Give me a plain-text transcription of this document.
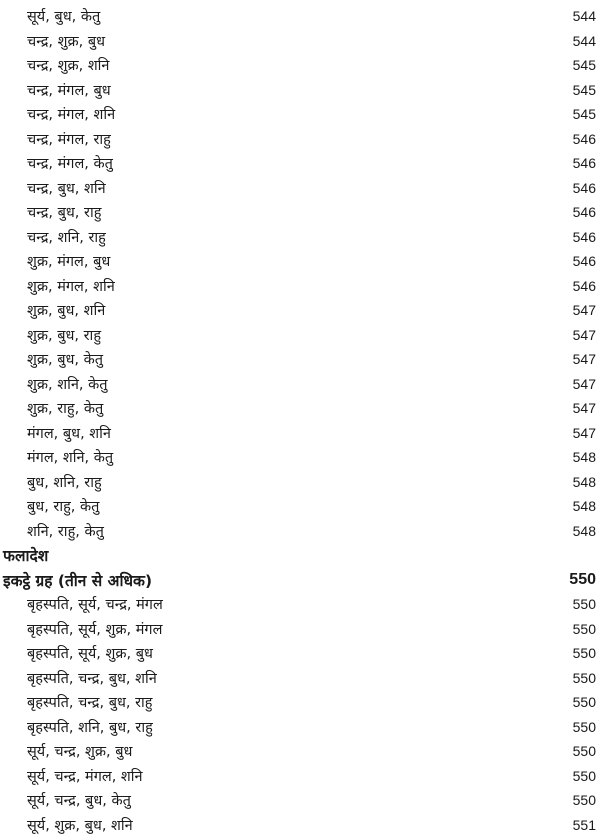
सूर्य, बुध, केतु	544
चन्द्र, शुक्र, बुध	544
चन्द्र, शुक्र, शनि	545
चन्द्र, मंगल, बुध	545
चन्द्र, मंगल, शनि	545
चन्द्र, मंगल, राहु	546
चन्द्र, मंगल, केतु	546
चन्द्र, बुध, शनि	546
चन्द्र, बुध, राहु	546
चन्द्र, शनि, राहु	546
शुक्र, मंगल, बुध	546
शुक्र, मंगल, शनि	546
शुक्र, बुध, शनि	547
शुक्र, बुध, राहु	547
शुक्र, बुध, केतु	547
शुक्र, शनि, केतु	547
शुक्र, राहु, केतु	547
मंगल, बुध, शनि	547
मंगल, शनि, केतु	548
बुध, शनि, राहु	548
बुध, राहु, केतु	548
शनि, राहु, केतु	548
फलादेश
इकट्ठे ग्रह (तीन से अधिक)	550
बृहस्पति, सूर्य, चन्द्र, मंगल	550
बृहस्पति, सूर्य, शुक्र, मंगल	550
बृहस्पति, सूर्य, शुक्र, बुध	550
बृहस्पति, चन्द्र, बुध, शनि	550
बृहस्पति, चन्द्र, बुध, राहु	550
बृहस्पति, शनि, बुध, राहु	550
सूर्य, चन्द्र, शुक्र, बुध	550
सूर्य, चन्द्र, मंगल, शनि	550
सूर्य, चन्द्र, बुध, केतु	550
सूर्य, शुक्र, बुध, शनि	551
